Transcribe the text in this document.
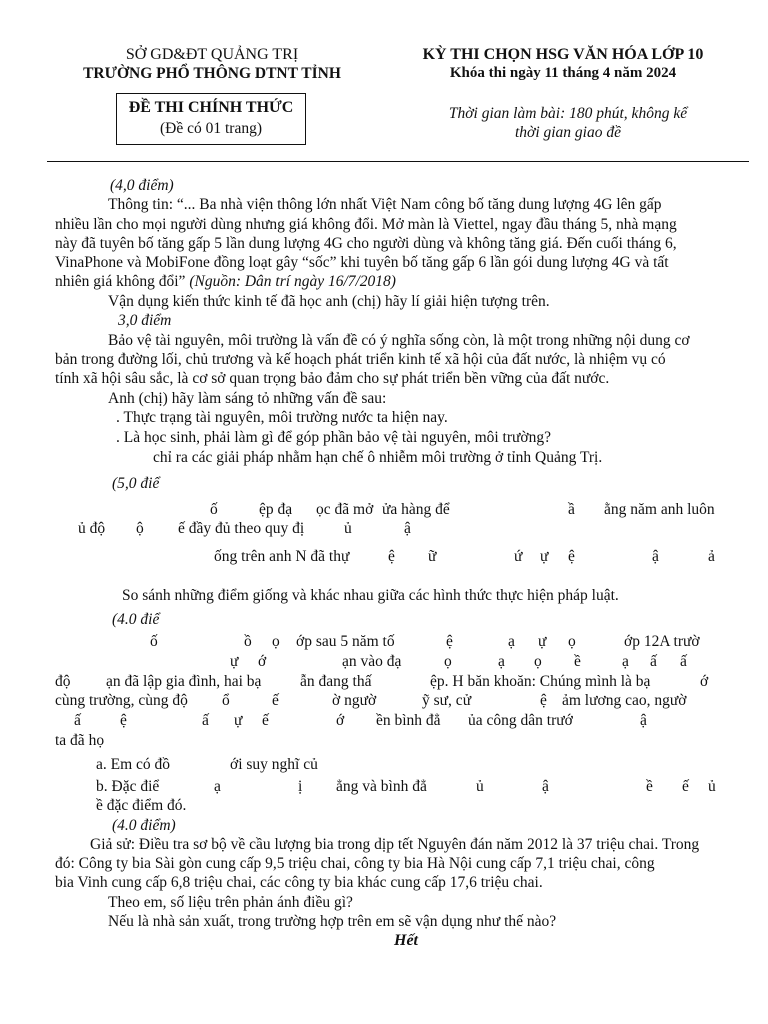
SỞ GD&ĐT QUẢNG TRỊ
TRƯỜNG PHỔ THÔNG DTNT TỈNH
KỲ THI CHỌN HSG VĂN HÓA LỚP 10
Khóa thi ngày 11 tháng 4 năm 2024
ĐỀ THI CHÍNH THỨC
(Đề có 01 trang)
Thời gian làm bài: 180 phút, không kể
thời gian giao đề
(4,0 điểm)
Thông tin: “... Ba nhà viện thông lớn nhất Việt Nam công bố tăng dung lượng 4G lên gấp
nhiều lần cho mọi người dùng nhưng giá không đổi. Mở màn là Viettel, ngay đầu tháng 5, nhà mạng
này đã tuyên bố tăng gấp 5 lần dung lượng 4G cho người dùng và không tăng giá. Đến cuối tháng 6,
VinaPhone và MobiFone đồng loạt gây “sốc” khi tuyên bố tăng gấp 6 lần gói dung lượng 4G và tất
nhiên giá không đổi” (Nguồn: Dân trí ngày 16/7/2018)
Vận dụng kiến thức kinh tế đã học anh (chị) hãy lí giải hiện tượng trên.
3,0 điểm
Bảo vệ tài nguyên, môi trường là vấn đề có ý nghĩa sống còn, là một trong những nội dung cơ
bản trong đường lối, chủ trương và kế hoạch phát triển kinh tế xã hội của đất nước, là nhiệm vụ có
tính xã hội sâu sắc, là cơ sở quan trọng bảo đảm cho sự phát triển bền vững của đất nước.
Anh (chị) hãy làm sáng tỏ những vấn đề sau:
. Thực trạng tài nguyên, môi trường nước ta hiện nay.
. Là học sinh, phải làm gì để góp phần bảo vệ tài nguyên, môi trường?
chỉ ra các giải pháp nhằm hạn chế ô nhiễm môi trường ở tỉnh Quảng Trị.
(5,0 điể
ố	ệp đạ ọc đã mở ửa hàng để	ầ ằng năm anh luôn
ủ độ ộ ế đầy đủ theo quy đị	ủ	ậ
ống trên anh N đã thự ệ ữ	ứ ự ệ	ậ	ả
So sánh những điểm giống và khác nhau giữa các hình thức thực hiện pháp luật.
(4.0 điể
ố	ồ ọ ớp sau 5 năm tố	ệ	ạ ự ọ	ớp 12A trườ
ự ớ	ạn vào đạ	ọ	ạ ọ ề	ạ ấ ấ
độ ạn đã lập gia đình, hai bạ ẫn đang thấ	ệp. H băn khoăn: Chúng mình là bạ	ớ
cùng trường, cùng độ ổ	ế	ờ ngườ	ỹ sư, cử	ệ ảm lương cao, ngườ
ấ	ệ	ấ ự ế	ớ ền bình đẳ ủa công dân trướ	ậ
ta đã họ
a. Em có đồ	ới suy nghĩ củ
b. Đặc điể	ạ	ị ẳng và bình đẳ	ủ	ậ	ề ế ủ
ề đặc điểm đó.
(4.0 điểm)
Giả sử: Điều tra sơ bộ về cầu lượng bia trong dịp tết Nguyên đán năm 2012 là 37 triệu chai. Trong
đó: Công ty bia Sài gòn cung cấp 9,5 triệu chai, công ty bia Hà Nội cung cấp 7,1 triệu chai, công
bia Vinh cung cấp 6,8 triệu chai, các công ty bia khác cung cấp 17,6 triệu chai.
Theo em, số liệu trên phản ánh điều gì?
Nếu là nhà sản xuất, trong trường hợp trên em sẽ vận dụng như thế nào?
Hết
